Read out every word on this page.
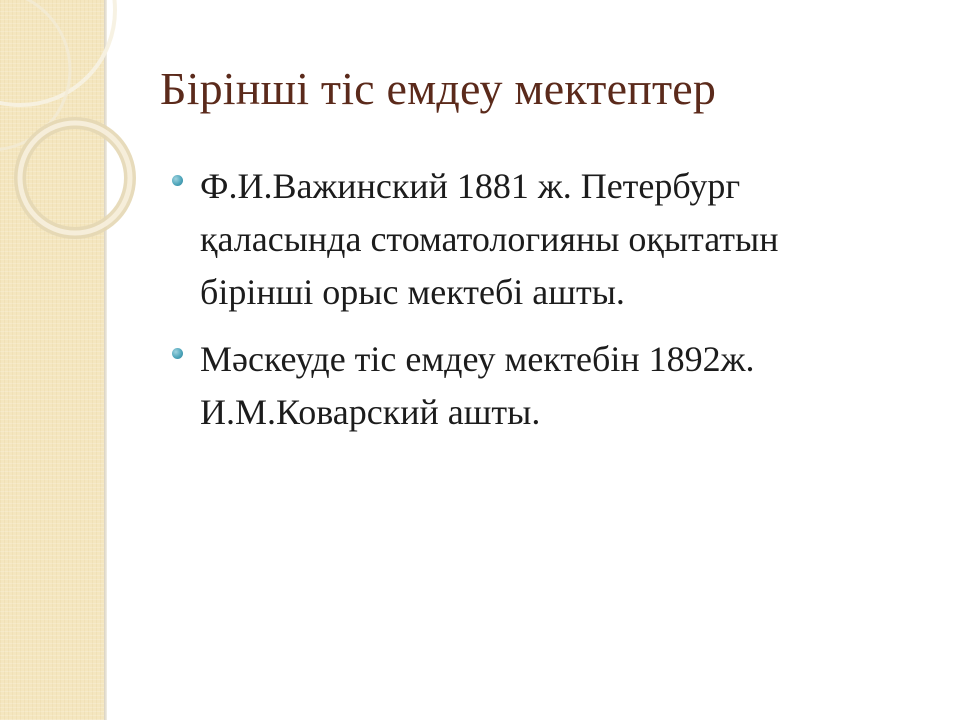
Бірінші тіс емдеу мектептер
Ф.И.Важинский 1881 ж. Петербург
қаласында стоматологияны оқытатын
бірінші орыс мектебі ашты.
Мәскеуде тіс емдеу мектебін 1892ж.
И.М.Коварский ашты.
